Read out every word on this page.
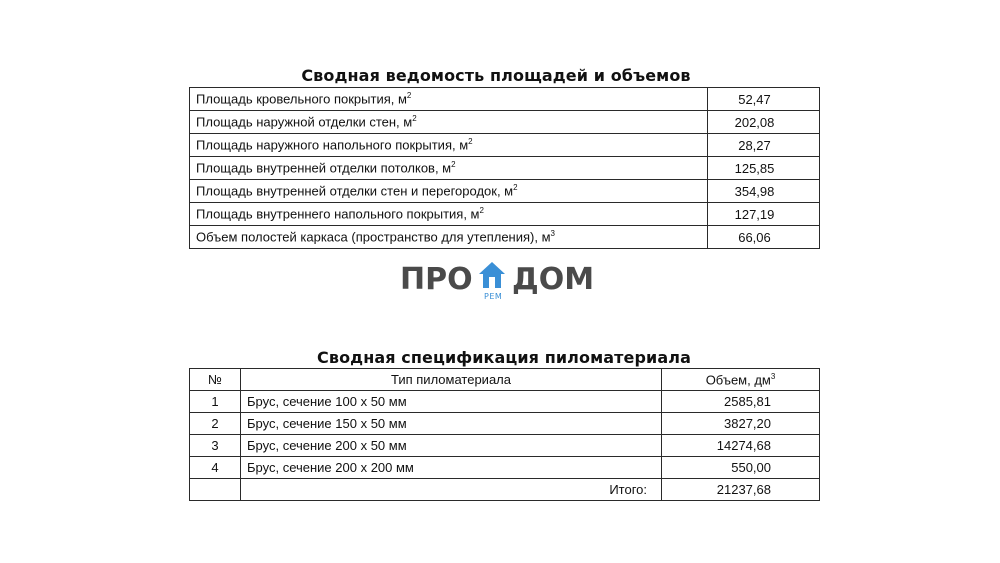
Сводная ведомость площадей и объемов
Площадь кровельного покрытия, $м^2$	52,47
Площадь наружной отделки стен, $м^2$	202,08
Площадь наружного напольного покрытия, $м^2$	28,27
Площадь внутренней отделки потолков, $м^2$	125,85
Площадь внутренней отделки стен и перегородок, $м^2$	354,98
Площадь внутреннего напольного покрытия, $м^2$	127,19
Объем полостей каркаса (пространство для утепления), $м^3$	66,06
ПРО РЕМ ДОМ
Сводная спецификация пиломатериала
№	Тип пиломатериала	Объем, $дм^3$
1	Брус, сечение 100 х 50 мм	2585,81
2	Брус, сечение 150 х 50 мм	3827,20
3	Брус, сечение 200 х 50 мм	14274,68
4	Брус, сечение 200 х 200 мм	550,00
	Итого:	21237,68
